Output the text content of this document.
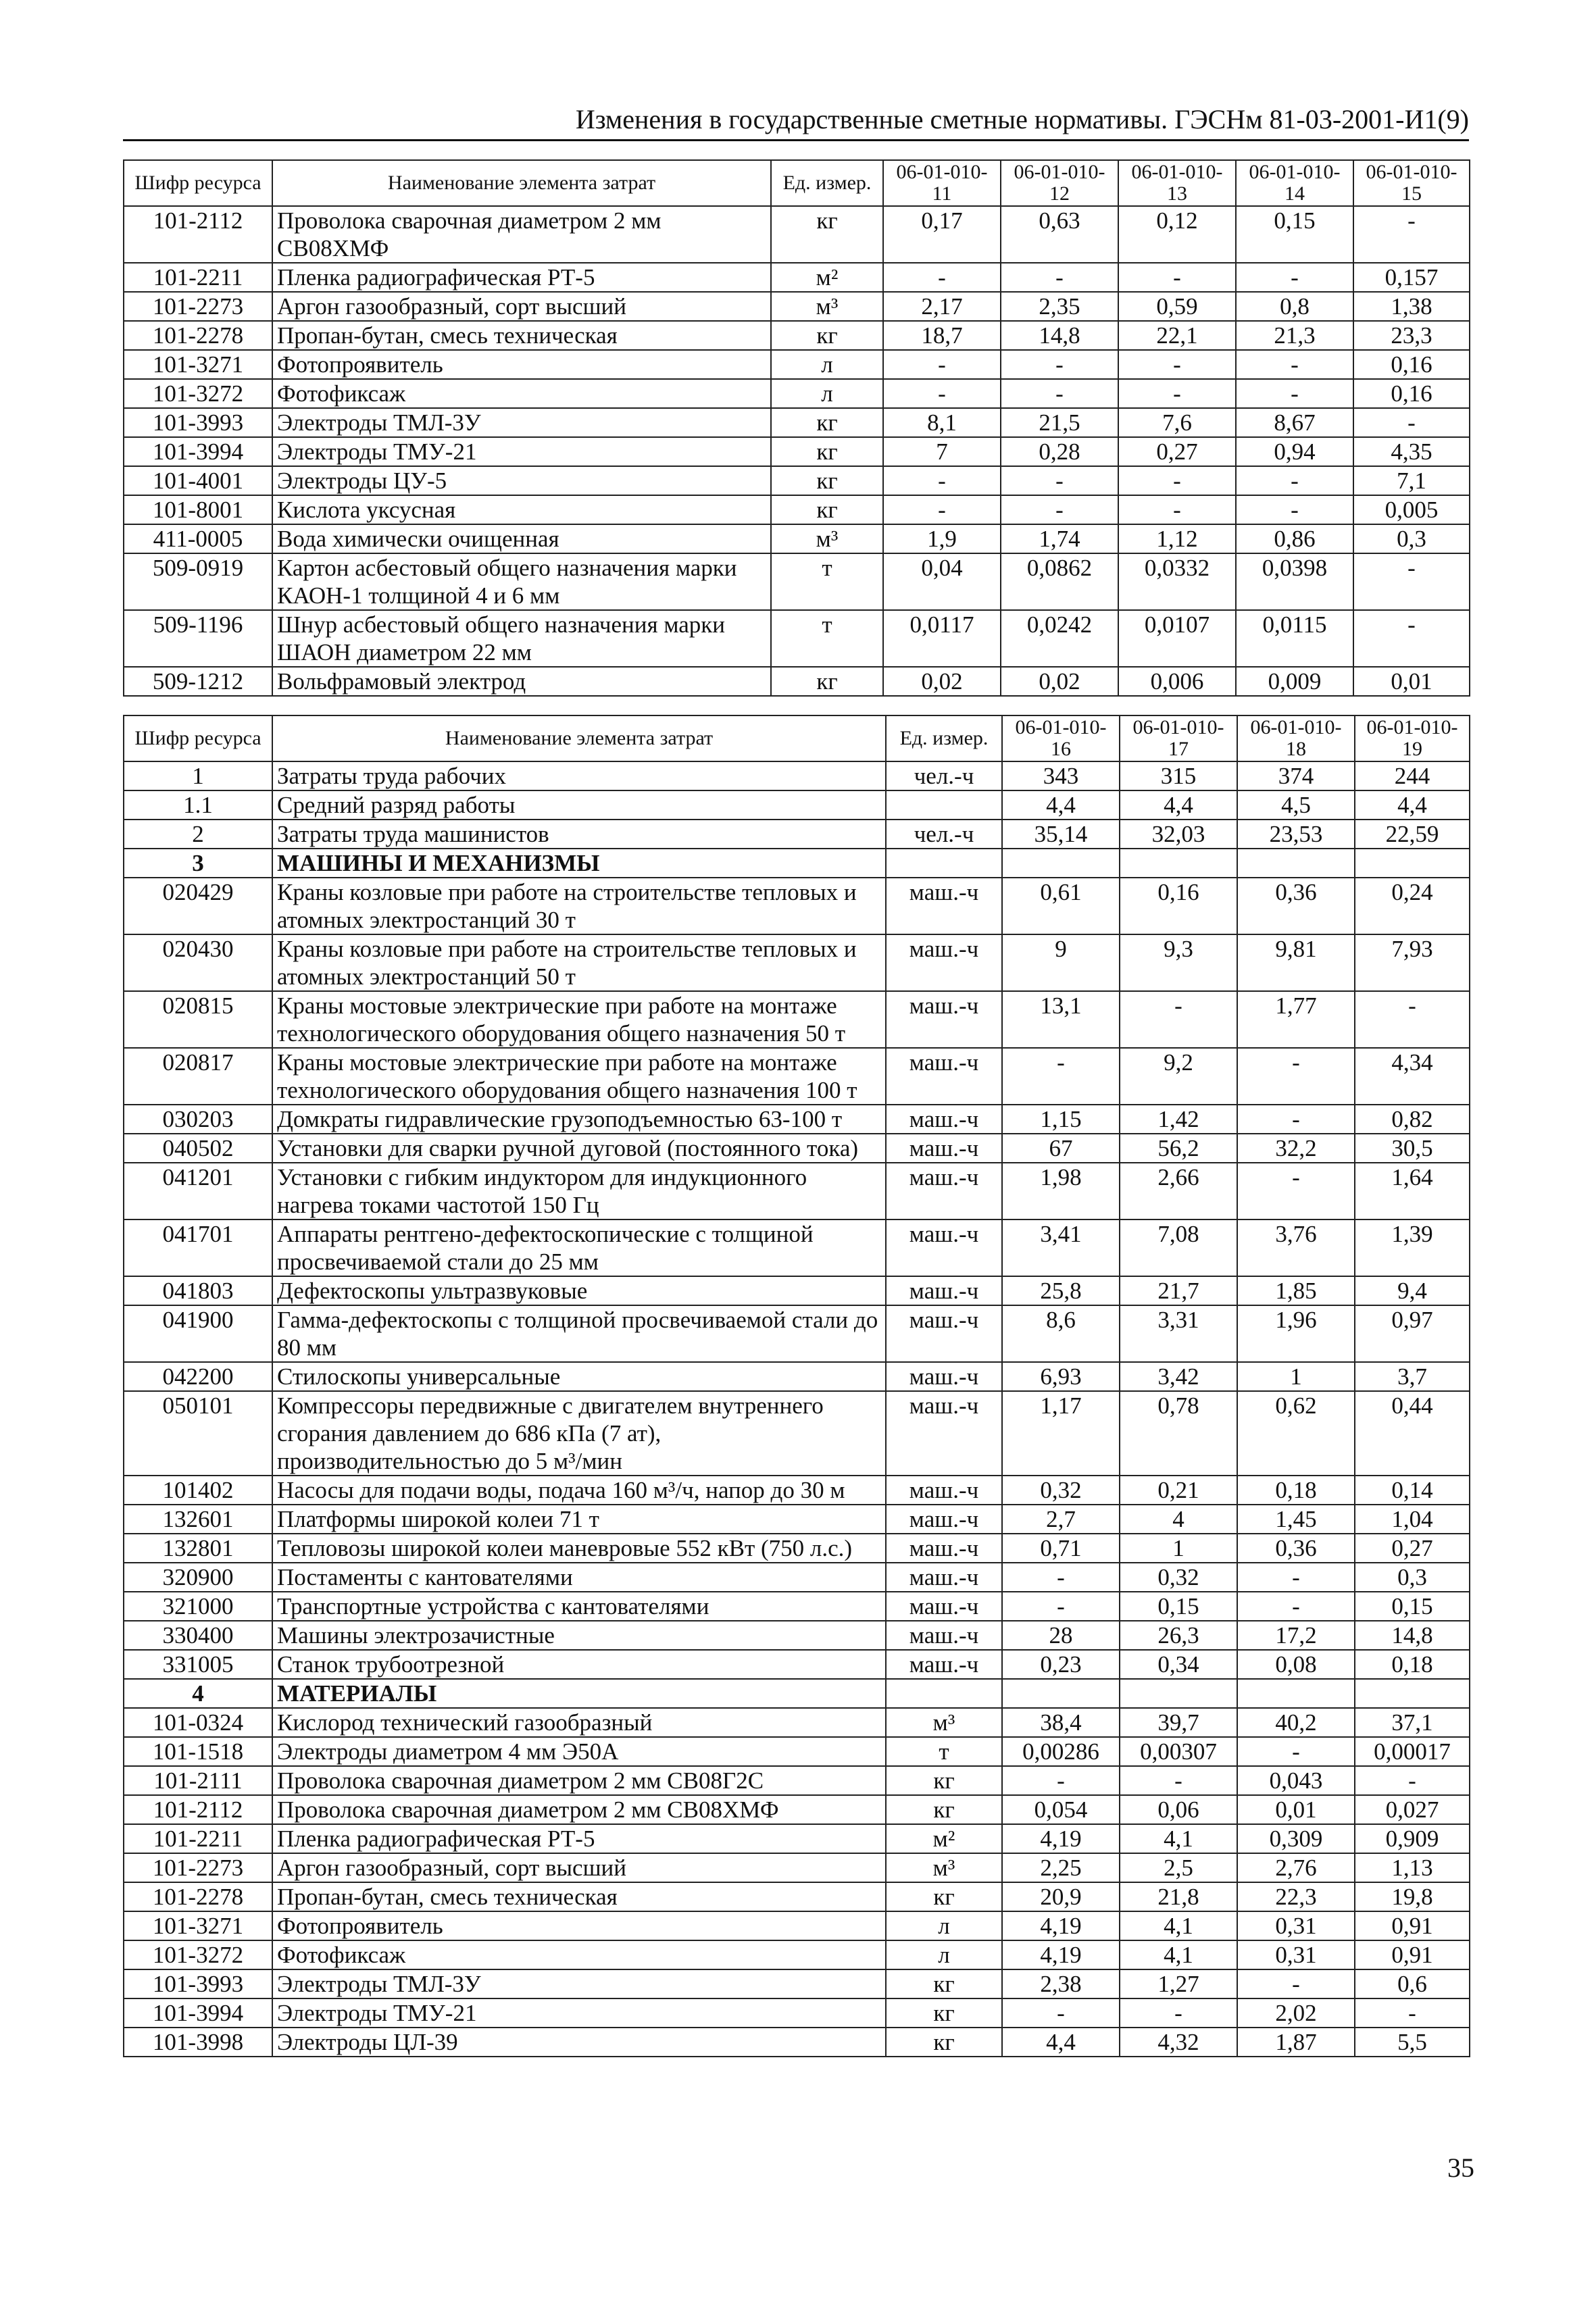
Изменения в государственные сметные нормативы. ГЭСНм 81-03-2001-И1(9)
Шифр ресурса	Наименование элемента затрат	Ед. измер.	06-01-010-11	06-01-010-12	06-01-010-13	06-01-010-14	06-01-010-15
101-2112	Проволока сварочная диаметром 2 мм СВ08ХМФ	кг	0,17	0,63	0,12	0,15	-
101-2211	Пленка радиографическая РТ-5	м²	-	-	-	-	0,157
101-2273	Аргон газообразный, сорт высший	м³	2,17	2,35	0,59	0,8	1,38
101-2278	Пропан-бутан, смесь техническая	кг	18,7	14,8	22,1	21,3	23,3
101-3271	Фотопроявитель	л	-	-	-	-	0,16
101-3272	Фотофиксаж	л	-	-	-	-	0,16
101-3993	Электроды ТМЛ-3У	кг	8,1	21,5	7,6	8,67	-
101-3994	Электроды ТМУ-21	кг	7	0,28	0,27	0,94	4,35
101-4001	Электроды ЦУ-5	кг	-	-	-	-	7,1
101-8001	Кислота уксусная	кг	-	-	-	-	0,005
411-0005	Вода химически очищенная	м³	1,9	1,74	1,12	0,86	0,3
509-0919	Картон асбестовый общего назначения марки КАОН-1 толщиной 4 и 6 мм	т	0,04	0,0862	0,0332	0,0398	-
509-1196	Шнур асбестовый общего назначения марки ШАОН диаметром 22 мм	т	0,0117	0,0242	0,0107	0,0115	-
509-1212	Вольфрамовый электрод	кг	0,02	0,02	0,006	0,009	0,01
Шифр ресурса	Наименование элемента затрат	Ед. измер.	06-01-010-16	06-01-010-17	06-01-010-18	06-01-010-19
1	Затраты труда рабочих	чел.-ч	343	315	374	244
1.1	Средний разряд работы		4,4	4,4	4,5	4,4
2	Затраты труда машинистов	чел.-ч	35,14	32,03	23,53	22,59
3	МАШИНЫ И МЕХАНИЗМЫ					
020429	Краны козловые при работе на строительстве тепловых и атомных электростанций 30 т	маш.-ч	0,61	0,16	0,36	0,24
020430	Краны козловые при работе на строительстве тепловых и атомных электростанций 50 т	маш.-ч	9	9,3	9,81	7,93
020815	Краны мостовые электрические при работе на монтаже технологического оборудования общего назначения 50 т	маш.-ч	13,1	-	1,77	-
020817	Краны мостовые электрические при работе на монтаже технологического оборудования общего назначения 100 т	маш.-ч	-	9,2	-	4,34
030203	Домкраты гидравлические грузоподъемностью 63-100 т	маш.-ч	1,15	1,42	-	0,82
040502	Установки для сварки ручной дуговой (постоянного тока)	маш.-ч	67	56,2	32,2	30,5
041201	Установки с гибким индуктором для индукционного нагрева токами частотой 150 Гц	маш.-ч	1,98	2,66	-	1,64
041701	Аппараты рентгено-дефектоскопические с толщиной просвечиваемой стали до 25 мм	маш.-ч	3,41	7,08	3,76	1,39
041803	Дефектоскопы ультразвуковые	маш.-ч	25,8	21,7	1,85	9,4
041900	Гамма-дефектоскопы с толщиной просвечиваемой стали до 80 мм	маш.-ч	8,6	3,31	1,96	0,97
042200	Стилоскопы универсальные	маш.-ч	6,93	3,42	1	3,7
050101	Компрессоры передвижные с двигателем внутреннего сгорания давлением до 686 кПа (7 ат), производительностью до 5 м³/мин	маш.-ч	1,17	0,78	0,62	0,44
101402	Насосы для подачи воды, подача 160 м³/ч, напор до 30 м	маш.-ч	0,32	0,21	0,18	0,14
132601	Платформы широкой колеи 71 т	маш.-ч	2,7	4	1,45	1,04
132801	Тепловозы широкой колеи маневровые 552 кВт (750 л.с.)	маш.-ч	0,71	1	0,36	0,27
320900	Постаменты с кантователями	маш.-ч	-	0,32	-	0,3
321000	Транспортные устройства с кантователями	маш.-ч	-	0,15	-	0,15
330400	Машины электрозачистные	маш.-ч	28	26,3	17,2	14,8
331005	Станок трубоотрезной	маш.-ч	0,23	0,34	0,08	0,18
4	МАТЕРИАЛЫ					
101-0324	Кислород технический газообразный	м³	38,4	39,7	40,2	37,1
101-1518	Электроды диаметром 4 мм Э50А	т	0,00286	0,00307	-	0,00017
101-2111	Проволока сварочная диаметром 2 мм СВ08Г2С	кг	-	-	0,043	-
101-2112	Проволока сварочная диаметром 2 мм СВ08ХМФ	кг	0,054	0,06	0,01	0,027
101-2211	Пленка радиографическая РТ-5	м²	4,19	4,1	0,309	0,909
101-2273	Аргон газообразный, сорт высший	м³	2,25	2,5	2,76	1,13
101-2278	Пропан-бутан, смесь техническая	кг	20,9	21,8	22,3	19,8
101-3271	Фотопроявитель	л	4,19	4,1	0,31	0,91
101-3272	Фотофиксаж	л	4,19	4,1	0,31	0,91
101-3993	Электроды ТМЛ-3У	кг	2,38	1,27	-	0,6
101-3994	Электроды ТМУ-21	кг	-	-	2,02	-
101-3998	Электроды ЦЛ-39	кг	4,4	4,32	1,87	5,5
35
